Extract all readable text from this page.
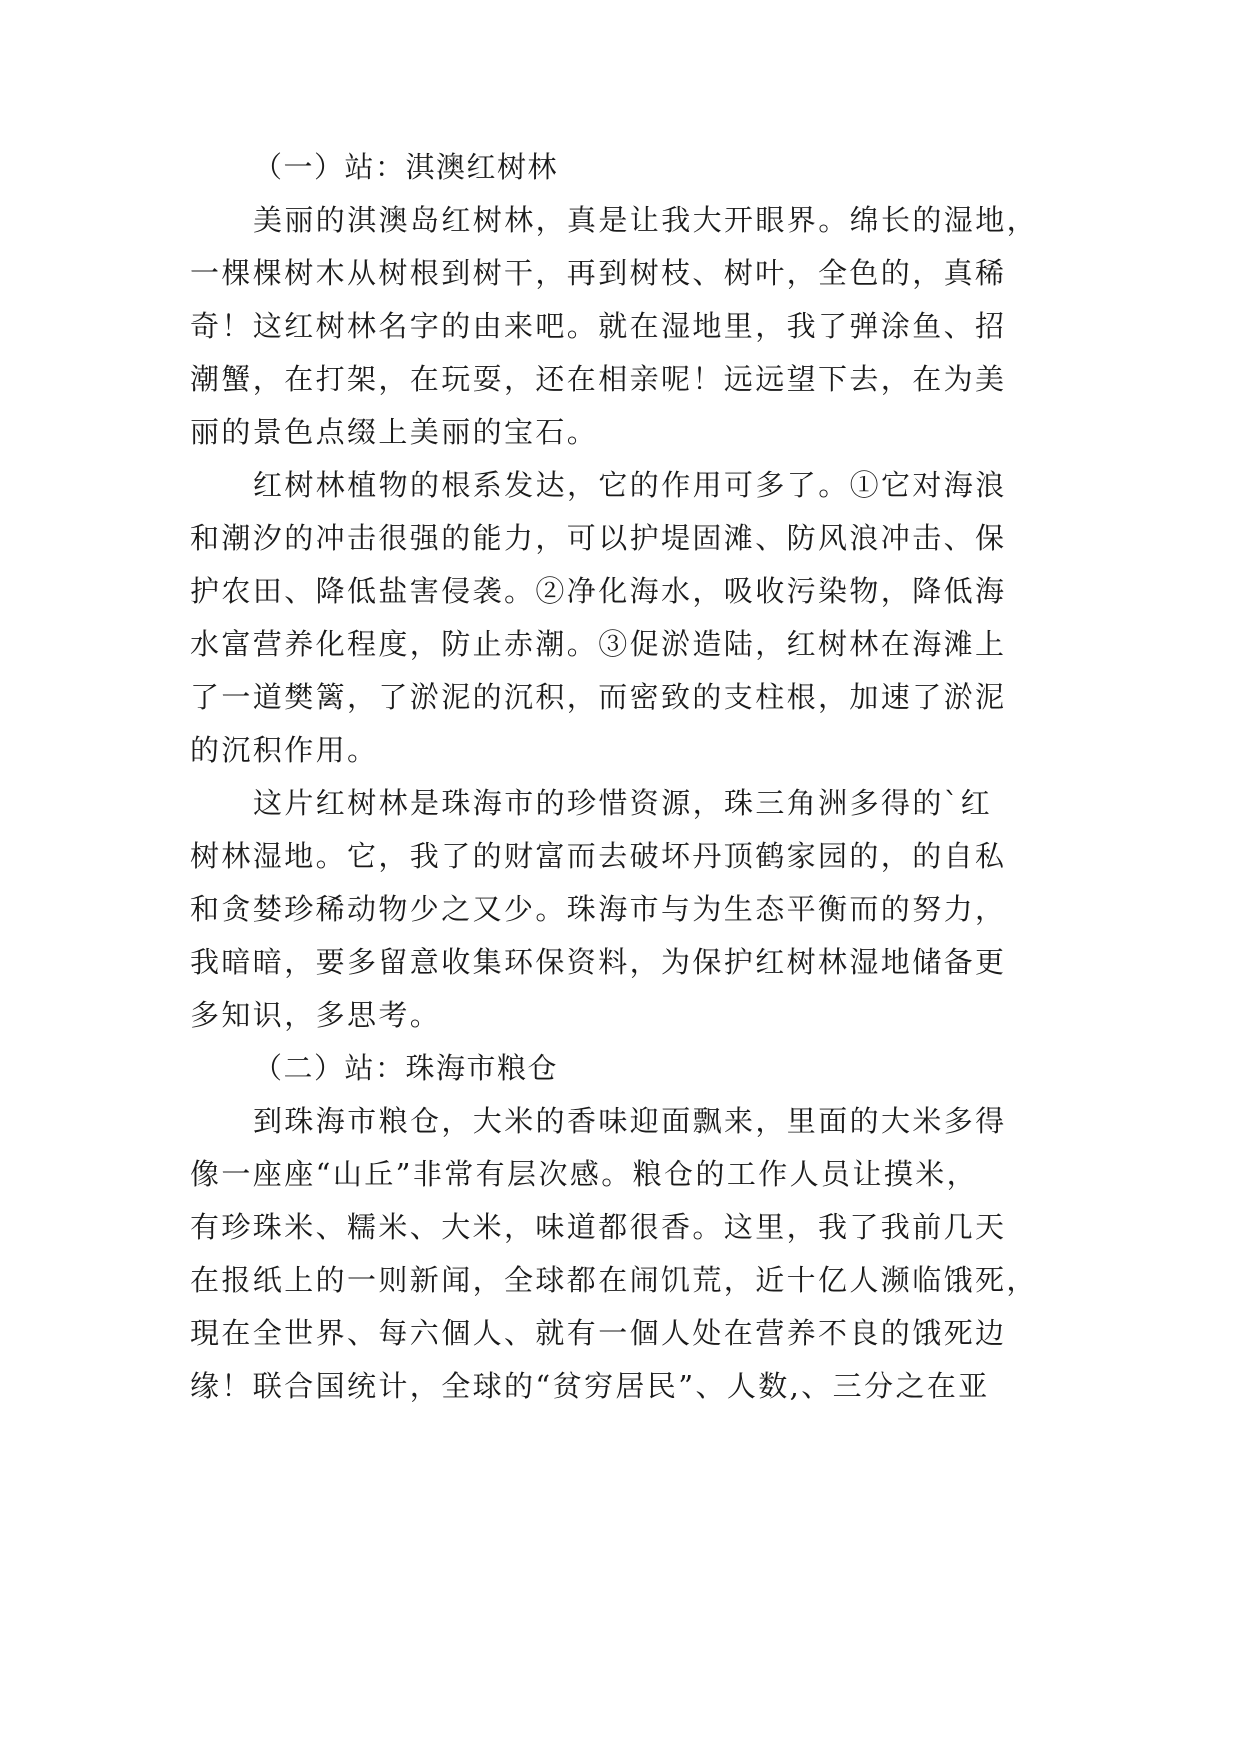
（一）站：淇澳红树林
美丽的淇澳岛红树林，真是让我大开眼界。绵长的湿地，
一棵棵树木从树根到树干，再到树枝、树叶，全色的，真稀
奇！这红树林名字的由来吧。就在湿地里，我了弹涂鱼、招
潮蟹，在打架，在玩耍，还在相亲呢！远远望下去，在为美
丽的景色点缀上美丽的宝石。
红树林植物的根系发达，它的作用可多了。①它对海浪
和潮汐的冲击很强的能力，可以护堤固滩、防风浪冲击、保
护农田、降低盐害侵袭。②净化海水，吸收污染物，降低海
水富营养化程度，防止赤潮。③促淤造陆，红树林在海滩上
了一道樊篱，了淤泥的沉积，而密致的支柱根，加速了淤泥
的沉积作用。
这片红树林是珠海市的珍惜资源，珠三角洲多得的`红
树林湿地。它，我了的财富而去破坏丹顶鹤家园的，的自私
和贪婪珍稀动物少之又少。珠海市与为生态平衡而的努力，
我暗暗，要多留意收集环保资料，为保护红树林湿地储备更
多知识，多思考。
（二）站：珠海市粮仓
到珠海市粮仓，大米的香味迎面飘来，里面的大米多得
像一座座“山丘”非常有层次感。粮仓的工作人员让摸米，
有珍珠米、糯米、大米，味道都很香。这里，我了我前几天
在报纸上的一则新闻，全球都在闹饥荒，近十亿人濒临饿死，
現在全世界、每六個人、就有一個人处在营养不良的饿死边
缘！联合国统计，全球的“贫穷居民”、人数,、三分之在亚
